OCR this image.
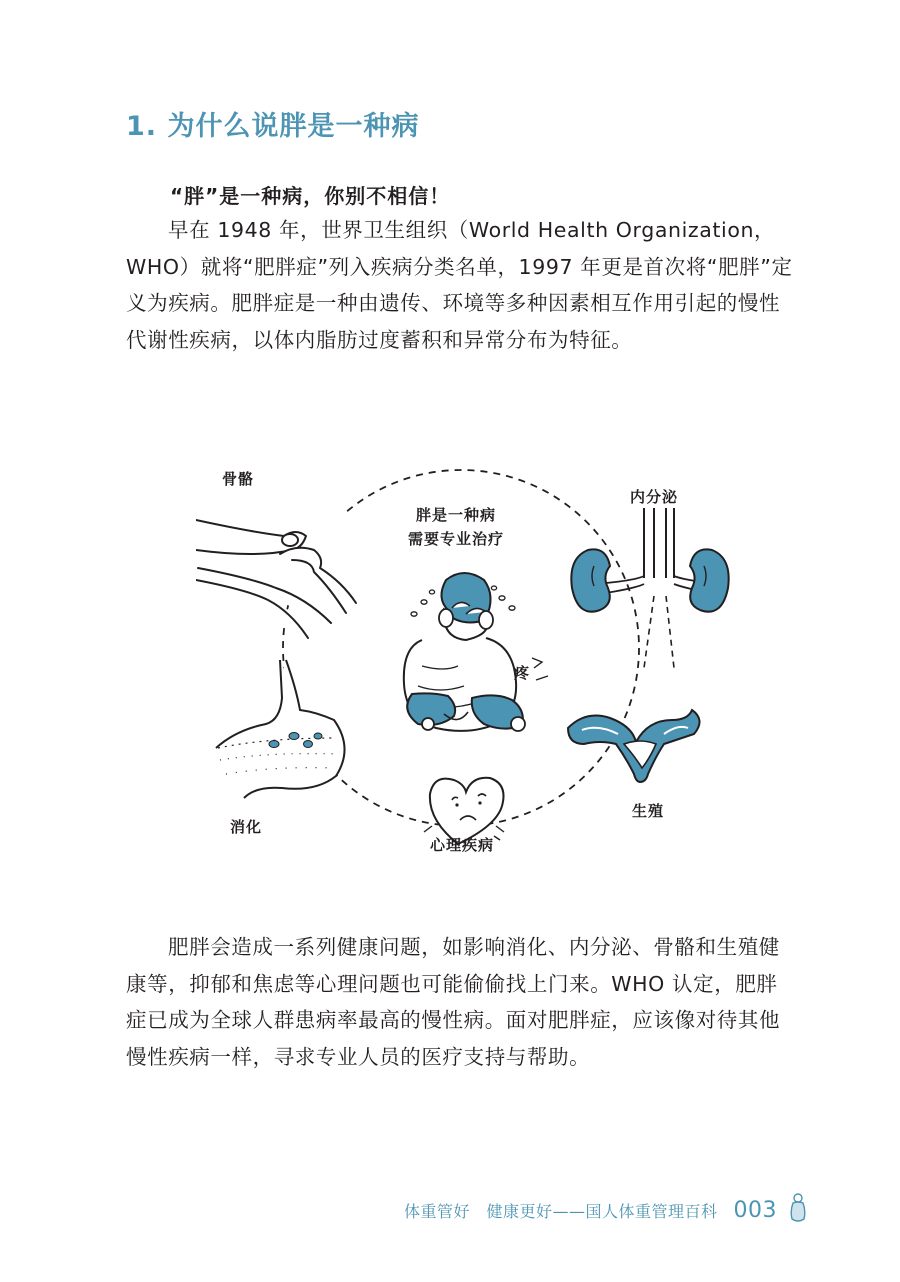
1. 为什么说胖是一种病
“胖”是一种病，你别不相信！

早在 1948 年，世界卫生组织（World Health Organization，WHO）就将“肥胖症”列入疾病分类名单，1997 年更是首次将“肥胖”定义为疾病。肥胖症是一种由遗传、环境等多种因素相互作用引起的慢性代谢性疾病，以体内脂肪过度蓄积和异常分布为特征。

胖是一种病
需要专业治疗
疼
骨骼
内分泌
消化
生殖
心理疾病

肥胖会造成一系列健康问题，如影响消化、内分泌、骨骼和生殖健康等，抑郁和焦虑等心理问题也可能偷偷找上门来。WHO 认定，肥胖症已成为全球人群患病率最高的慢性病。面对肥胖症，应该像对待其他慢性疾病一样，寻求专业人员的医疗支持与帮助。

体重管好　健康更好——国人体重管理百科 003
